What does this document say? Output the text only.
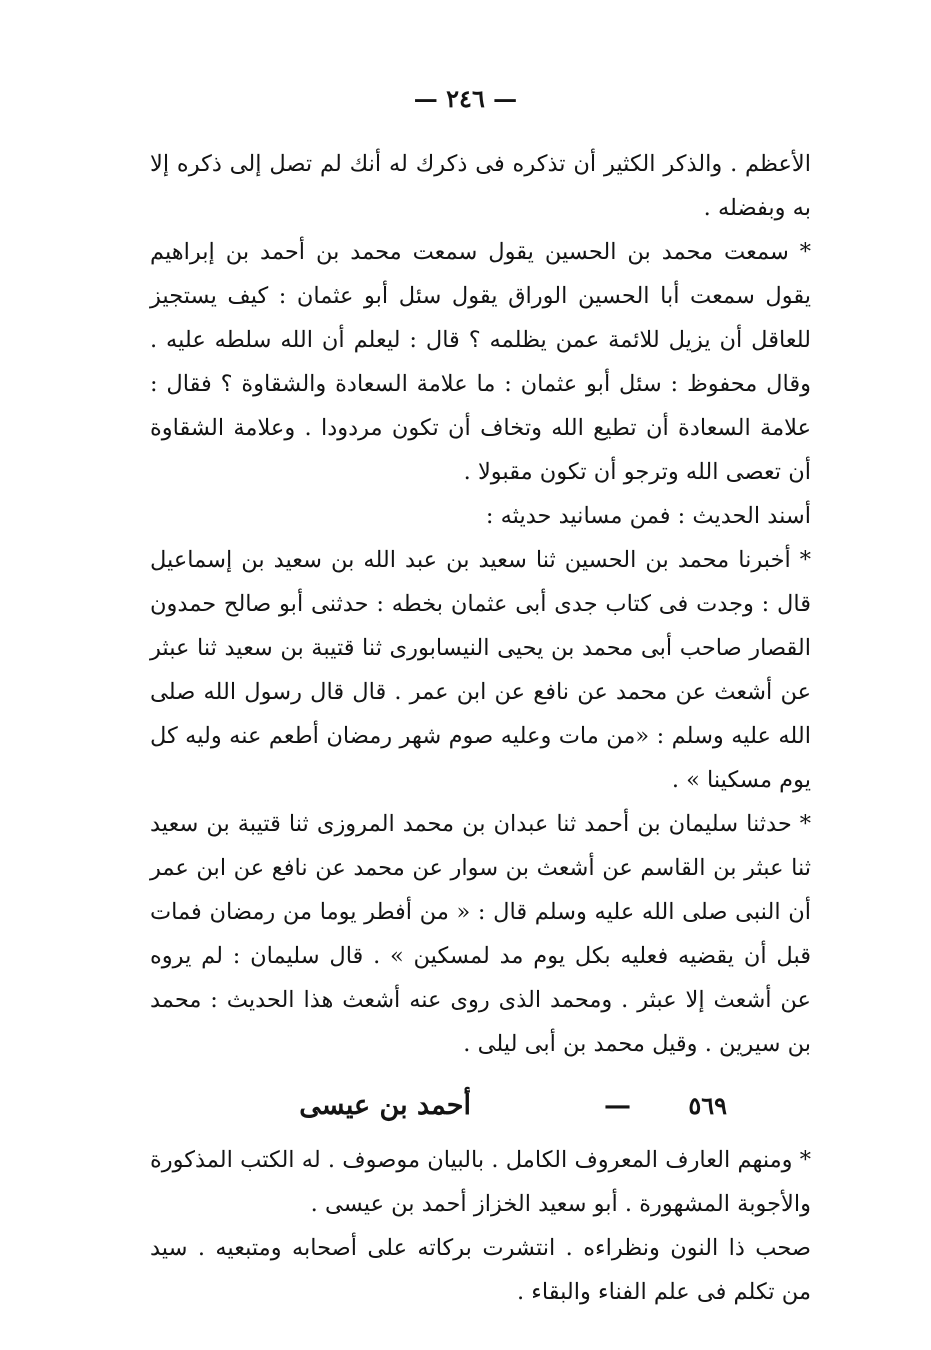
— ٢٤٦ —

الأعظم . والذكر الكثير أن تذكره فى ذكرك له أنك لم تصل إلى ذكره إلا به وبفضله .

* سمعت محمد بن الحسين يقول سمعت محمد بن أحمد بن إبراهيم يقول سمعت أبا الحسين الوراق يقول سئل أبو عثمان : كيف يستجيز للعاقل أن يزيل للائمة عمن يظلمه ؟ قال : ليعلم أن الله سلطه عليه . وقال محفوظ : سئل أبو عثمان : ما علامة السعادة والشقاوة ؟ فقال : علامة السعادة أن تطيع الله وتخاف أن تكون مردودا . وعلامة الشقاوة أن تعصى الله وترجو أن تكون مقبولا .

أسند الحديث : فمن مسانيد حديثه :

* أخبرنا محمد بن الحسين ثنا سعيد بن عبد الله بن سعيد بن إسماعيل قال : وجدت فى كتاب جدى أبى عثمان بخطه : حدثنى أبو صالح حمدون القصار صاحب أبى محمد بن يحيى النيسابورى ثنا قتيبة بن سعيد ثنا عبثر عن أشعث عن محمد عن نافع عن ابن عمر . قال قال رسول الله صلى الله عليه وسلم : «من مات وعليه صوم شهر رمضان أطعم عنه وليه كل يوم مسكينا » .

* حدثنا سليمان بن أحمد ثنا عبدان بن محمد المروزى ثنا قتيبة بن سعيد ثنا عبثر بن القاسم عن أشعث بن سوار عن محمد عن نافع عن ابن عمر أن النبى صلى الله عليه وسلم قال : « من أفطر يوما من رمضان فمات قبل أن يقضيه فعليه بكل يوم مد لمسكين » . قال سليمان : لم يروه عن أشعث إلا عبثر . ومحمد الذى روى عنه أشعث هذا الحديث : محمد بن سيرين . وقيل محمد بن أبى ليلى .

٥٦٩
—
أحمد بن عيسى

* ومنهم العارف المعروف الكامل . بالبيان موصوف . له الكتب المذكورة والأجوبة المشهورة . أبو سعيد الخزاز أحمد بن عيسى .

صحب ذا النون ونظراءه . انتشرت بركاته على أصحابه ومتبعيه . سيد من تكلم فى علم الفناء والبقاء .
